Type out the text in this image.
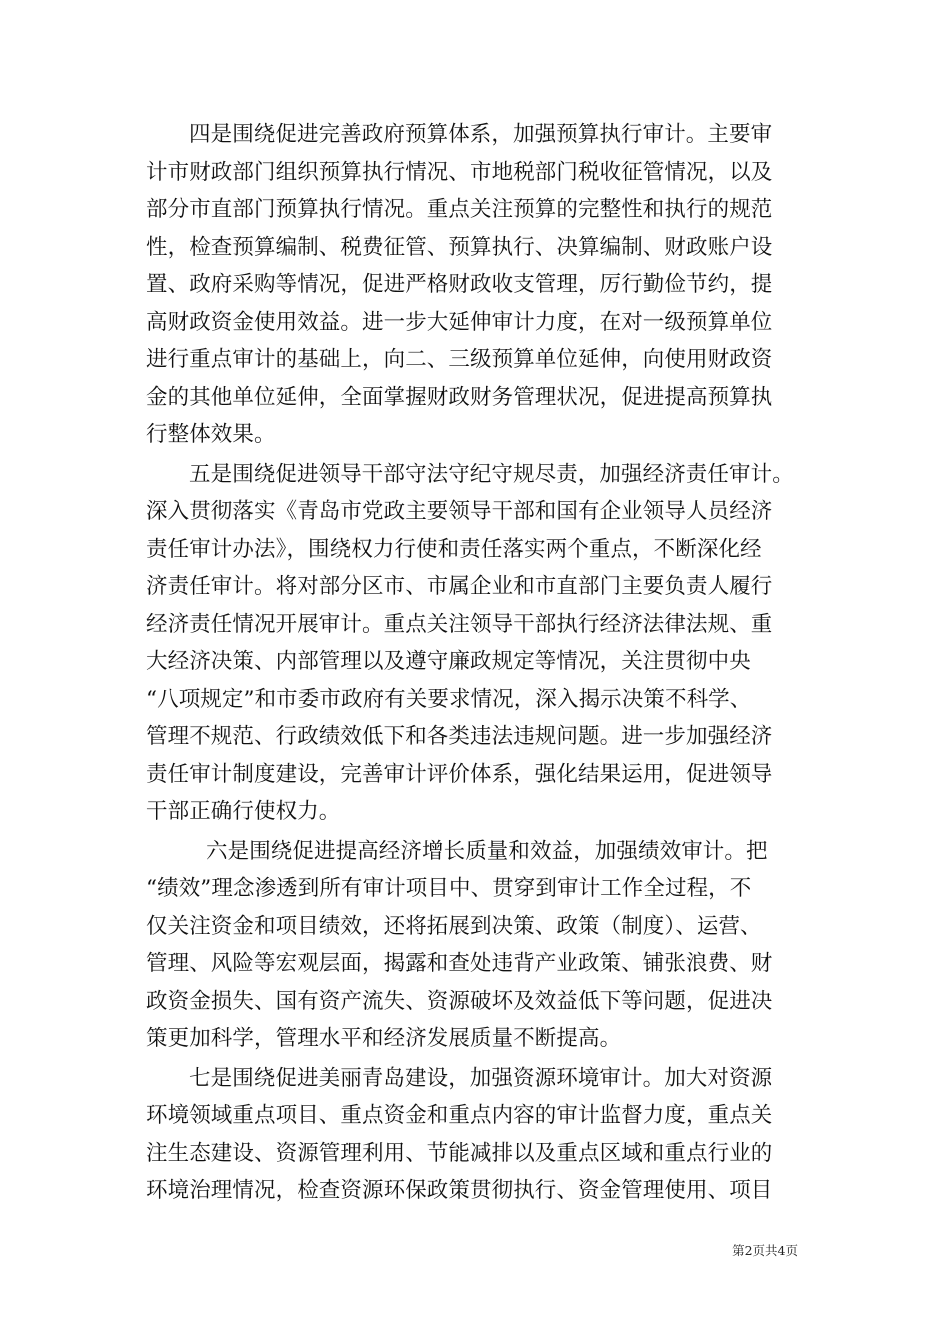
四是围绕促进完善政府预算体系，加强预算执行审计。主要审
计市财政部门组织预算执行情况、市地税部门税收征管情况，以及
部分市直部门预算执行情况。重点关注预算的完整性和执行的规范
性，检查预算编制、税费征管、预算执行、决算编制、财政账户设
置、政府采购等情况，促进严格财政收支管理，厉行勤俭节约，提
高财政资金使用效益。进一步大延伸审计力度，在对一级预算单位
进行重点审计的基础上，向二、三级预算单位延伸，向使用财政资
金的其他单位延伸，全面掌握财政财务管理状况，促进提高预算执
行整体效果。
五是围绕促进领导干部守法守纪守规尽责，加强经济责任审计。
深入贯彻落实《青岛市党政主要领导干部和国有企业领导人员经济
责任审计办法》，围绕权力行使和责任落实两个重点，不断深化经
济责任审计。将对部分区市、市属企业和市直部门主要负责人履行
经济责任情况开展审计。重点关注领导干部执行经济法律法规、重
大经济决策、内部管理以及遵守廉政规定等情况，关注贯彻中央
“八项规定”和市委市政府有关要求情况，深入揭示决策不科学、
管理不规范、行政绩效低下和各类违法违规问题。进一步加强经济
责任审计制度建设，完善审计评价体系，强化结果运用，促进领导
干部正确行使权力。
六是围绕促进提高经济增长质量和效益，加强绩效审计。把
“绩效”理念渗透到所有审计项目中、贯穿到审计工作全过程，不
仅关注资金和项目绩效，还将拓展到决策、政策（制度）、运营、
管理、风险等宏观层面，揭露和查处违背产业政策、铺张浪费、财
政资金损失、国有资产流失、资源破坏及效益低下等问题，促进决
策更加科学，管理水平和经济发展质量不断提高。
七是围绕促进美丽青岛建设，加强资源环境审计。加大对资源
环境领域重点项目、重点资金和重点内容的审计监督力度，重点关
注生态建设、资源管理利用、节能减排以及重点区域和重点行业的
环境治理情况，检查资源环保政策贯彻执行、资金管理使用、项目
第2页共4页
